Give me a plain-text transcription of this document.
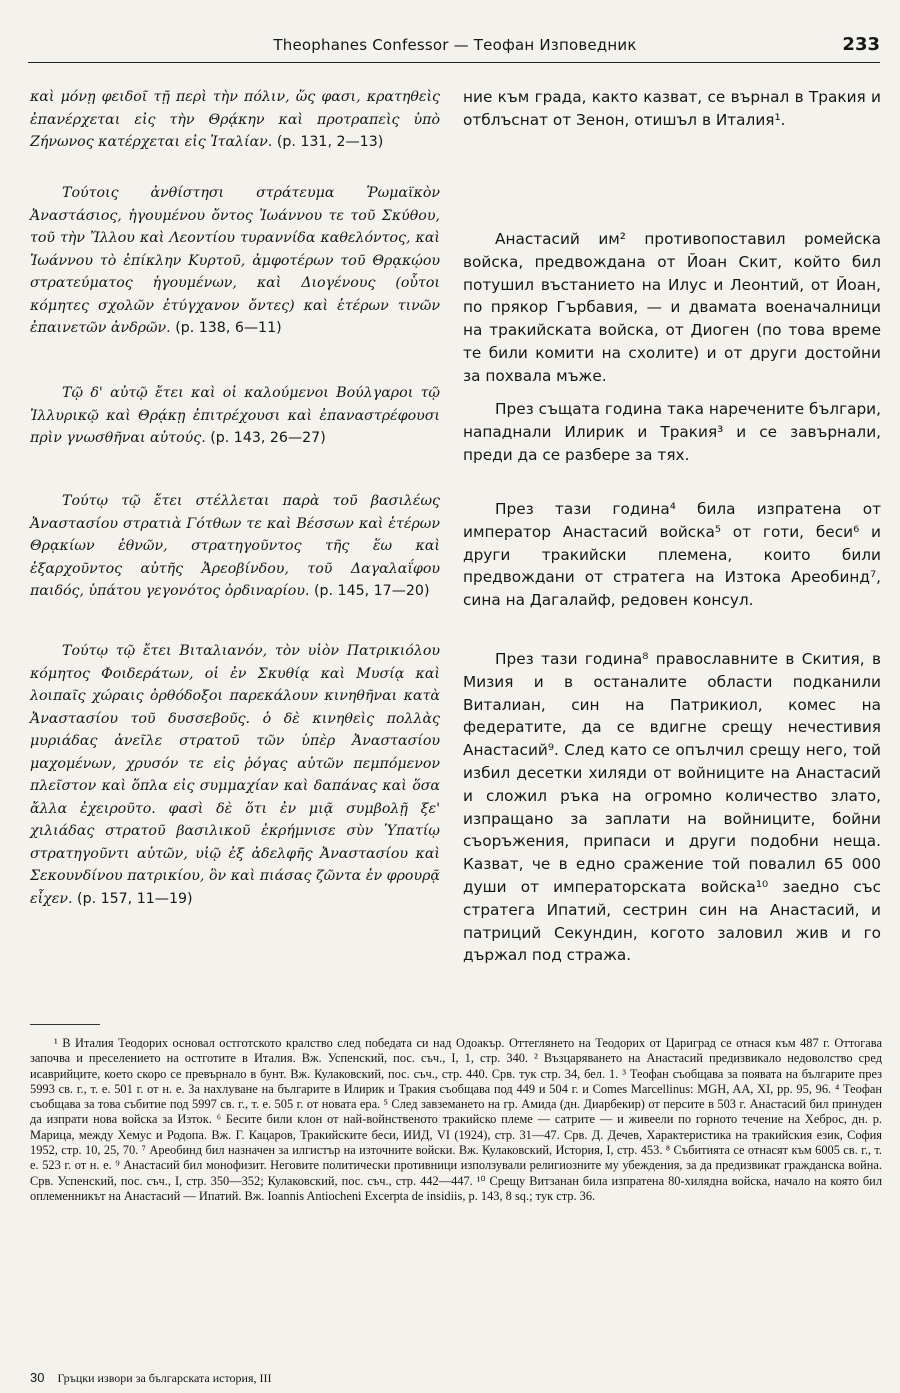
Theophanes Confessor — Теофан Изповедник	233
καὶ μόνῃ φειδοῖ τῇ περὶ τὴν πόλιν, ὥς φασι, κρατηθεὶς ἐπανέρχεται εἰς τὴν Θρᾴκην καὶ προτραπεὶς ὑπὸ Ζήνωνος κατέρχεται εἰς Ἰταλίαν. (p. 131, 2—13)
ние към града, както казват, се върнал в Тракия и отблъснат от Зенон, отишъл в Италия¹.
Τούτοις ἀνθίστησι στράτευμα Ῥωμαϊκὸν Ἀναστάσιος, ἡγουμένου ὄντος Ἰωάννου τε τοῦ Σκύθου, τοῦ τὴν Ἴλλου καὶ Λεοντίου τυραννίδα καθελόντος, καὶ Ἰωάννου τὸ ἐπίκλην Κυρτοῦ, ἀμφοτέρων τοῦ Θρᾳκῴου στρατεύματος ἡγουμένων, καὶ Διογένους (οὗτοι κόμητες σχολῶν ἐτύγχανον ὄντες) καὶ ἑτέρων τινῶν ἐπαινετῶν ἀνδρῶν. (p. 138, 6—11)
Анастасий им² противопоставил ромейска войска, предвождана от Йоан Скит, който бил потушил въстанието на Илус и Леонтий, от Йоан, по прякор Гърбавия, — и двамата военачалници на тракийската войска, от Диоген (по това време те били комити на схолите) и от други достойни за похвала мъже.
Τῷ δ' αὐτῷ ἔτει καὶ οἱ καλούμενοι Βούλγαροι τῷ Ἰλλυρικῷ καὶ Θρᾴκῃ ἐπιτρέχουσι καὶ ἐπαναστρέφουσι πρὶν γνωσθῆναι αὐτούς. (p. 143, 26—27)
През същата година така наречените българи, нападнали Илирик и Тракия³ и се завърнали, преди да се разбере за тях.
Τούτῳ τῷ ἔτει στέλλεται παρὰ τοῦ βασιλέως Ἀναστασίου στρατιὰ Γότθων τε καὶ Βέσσων καὶ ἑτέρων Θρᾳκίων ἐθνῶν, στρατηγοῦντος τῆς ἕω καὶ ἐξαρχοῦντος αὐτῆς Ἀρεοβίνδου, τοῦ Δαγαλαΐφου παιδός, ὑπάτου γεγονότος ὀρδιναρίου. (p. 145, 17—20)
През тази година⁴ била изпратена от император Анастасий войска⁵ от готи, беси⁶ и други тракийски племена, които били предвождани от стратега на Изтока Ареобинд⁷, сина на Дагалайф, редовен консул.
Τούτῳ τῷ ἔτει Βιταλιανόν, τὸν υἱὸν Πατρικιόλου κόμητος Φοιδεράτων, οἱ ἐν Σκυθίᾳ καὶ Μυσίᾳ καὶ λοιπαῖς χώραις ὀρθόδοξοι παρεκάλουν κινηθῆναι κατὰ Ἀναστασίου τοῦ δυσσεβοῦς. ὁ δὲ κινηθεὶς πολλὰς μυριάδας ἀνεῖλε στρατοῦ τῶν ὑπὲρ Ἀναστασίου μαχομένων, χρυσόν τε εἰς ῥόγας αὐτῶν πεμπόμενον πλεῖστον καὶ ὅπλα εἰς συμμαχίαν καὶ δαπάνας καὶ ὅσα ἄλλα ἐχειροῦτο. φασὶ δὲ ὅτι ἐν μιᾷ συμβολῇ ξε' χιλιάδας στρατοῦ βασιλικοῦ ἐκρήμνισε σὺν Ὑπατίῳ στρατηγοῦντι αὐτῶν, υἱῷ ἐξ ἀδελφῆς Ἀναστασίου καὶ Σεκουνδίνου πατρικίου, ὃν καὶ πιάσας ζῶντα ἐν φρουρᾷ εἶχεν. (p. 157, 11—19)
През тази година⁸ православните в Скития, в Мизия и в останалите области подканили Виталиан, син на Патрикиол, комес на федератите, да се вдигне срещу нечестивия Анастасий⁹. След като се опълчил срещу него, той избил десетки хиляди от войниците на Анастасий и сложил ръка на огромно количество злато, изпращано за заплати на войниците, бойни съоръжения, припаси и други подобни неща. Казват, че в едно сражение той повалил 65 000 души от императорската войска¹⁰ заедно със стратега Ипатий, сестрин син на Анастасий, и патриций Секундин, когото заловил жив и го държал под стража.
¹ В Италия Теодорих основал остготското кралство след победата си над Одоакър. Оттеглянето на Теодорих от Цариград се отнася към 487 г. Оттогава започва и преселението на остготите в Италия. Вж. Успенский, пос. съч., I, 1, стр. 340. ² Възцаряването на Анастасий предизвикало недоволство сред исаврийците, което скоро се превърнало в бунт. Вж. Кулаковский, пос. съч., стр. 440. Срв. тук стр. 34, бел. 1. ³ Теофан съобщава за появата на българите през 5993 св. г., т. е. 501 г. от н. е. За нахлуване на българите в Илирик и Тракия съобщава под 449 и 504 г. и Comes Marcellinus: MGH, AA, XI, pp. 95, 96. ⁴ Теофан съобщава за това събитие под 5997 св. г., т. е. 505 г. от новата ера. ⁵ След завземането на гр. Амида (дн. Диарбекир) от персите в 503 г. Анастасий бил принуден да изпрати нова войска за Изток. ⁶ Бесите били клон от най-войнственото тракийско племе — сатрите — и живеели по горното течение на Хеброс, дн. р. Марица, между Хемус и Родопа. Вж. Г. Кацаров, Тракийските беси, ИИД, VI (1924), стр. 31—47. Срв. Д. Дечев, Характеристика на тракийския език, София 1952, стр. 10, 25, 70. ⁷ Ареобинд бил назначен за илгистър на източните войски. Вж. Кулаковский, История, I, стр. 453. ⁸ Събитията се отнасят към 6005 св. г., т. е. 523 г. от н. е. ⁹ Анастасий бил монофизит. Неговите политически противници използували религиозните му убеждения, за да предизвикат гражданска война. Срв. Успенский, пос. съч., I, стр. 350—352; Кулаковский, пос. съч., стр. 442—447. ¹⁰ Срещу Витзанан била изпратена 80-хилядна войска, начало на която бил оплеменникът на Анастасий — Ипатий. Вж. Ioannis Antiocheni Excerpta de insidiis, p. 143, 8 sq.; тук стр. 36.
30 Гръцки извори за българската история, III
